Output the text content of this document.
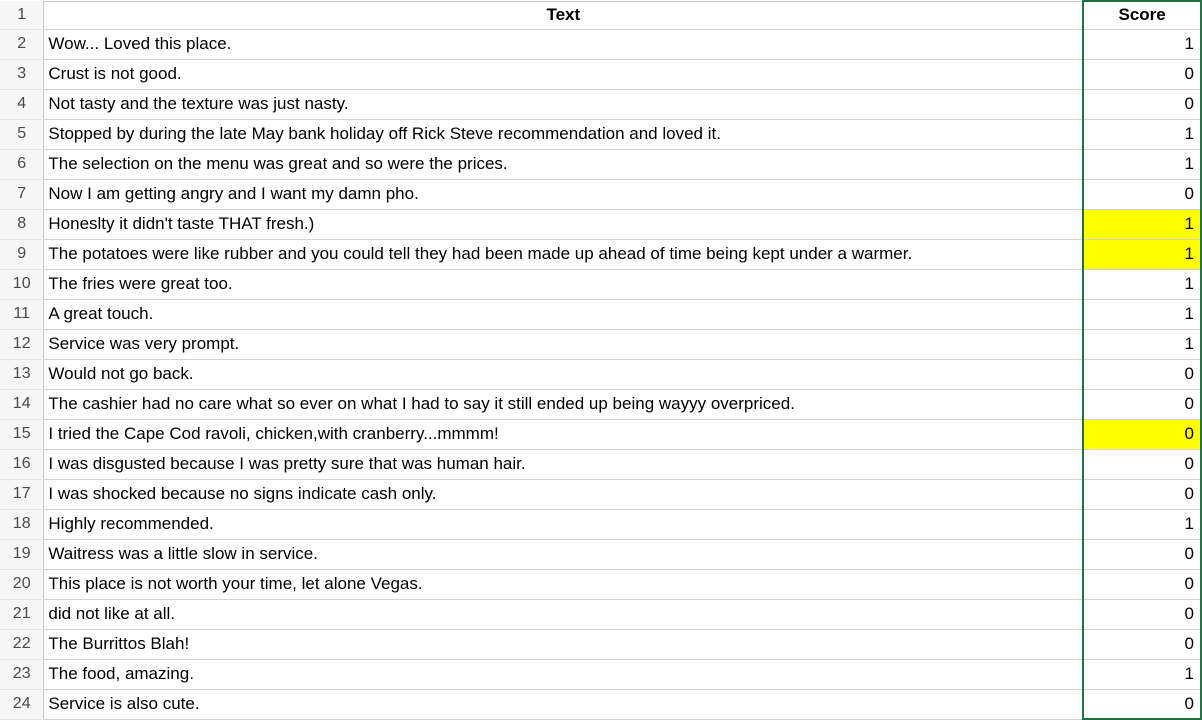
1	Text	Score
2	Wow... Loved this place.	1
3	Crust is not good.	0
4	Not tasty and the texture was just nasty.	0
5	Stopped by during the late May bank holiday off Rick Steve recommendation and loved it.	1
6	The selection on the menu was great and so were the prices.	1
7	Now I am getting angry and I want my damn pho.	0
8	Honeslty it didn't taste THAT fresh.)	1
9	The potatoes were like rubber and you could tell they had been made up ahead of time being kept under a warmer.	1
10	The fries were great too.	1
11	A great touch.	1
12	Service was very prompt.	1
13	Would not go back.	0
14	The cashier had no care what so ever on what I had to say it still ended up being wayyy overpriced.	0
15	I tried the Cape Cod ravoli, chicken,with cranberry...mmmm!	0
16	I was disgusted because I was pretty sure that was human hair.	0
17	I was shocked because no signs indicate cash only.	0
18	Highly recommended.	1
19	Waitress was a little slow in service.	0
20	This place is not worth your time, let alone Vegas.	0
21	did not like at all.	0
22	The Burrittos Blah!	0
23	The food, amazing.	1
24	Service is also cute.	0
